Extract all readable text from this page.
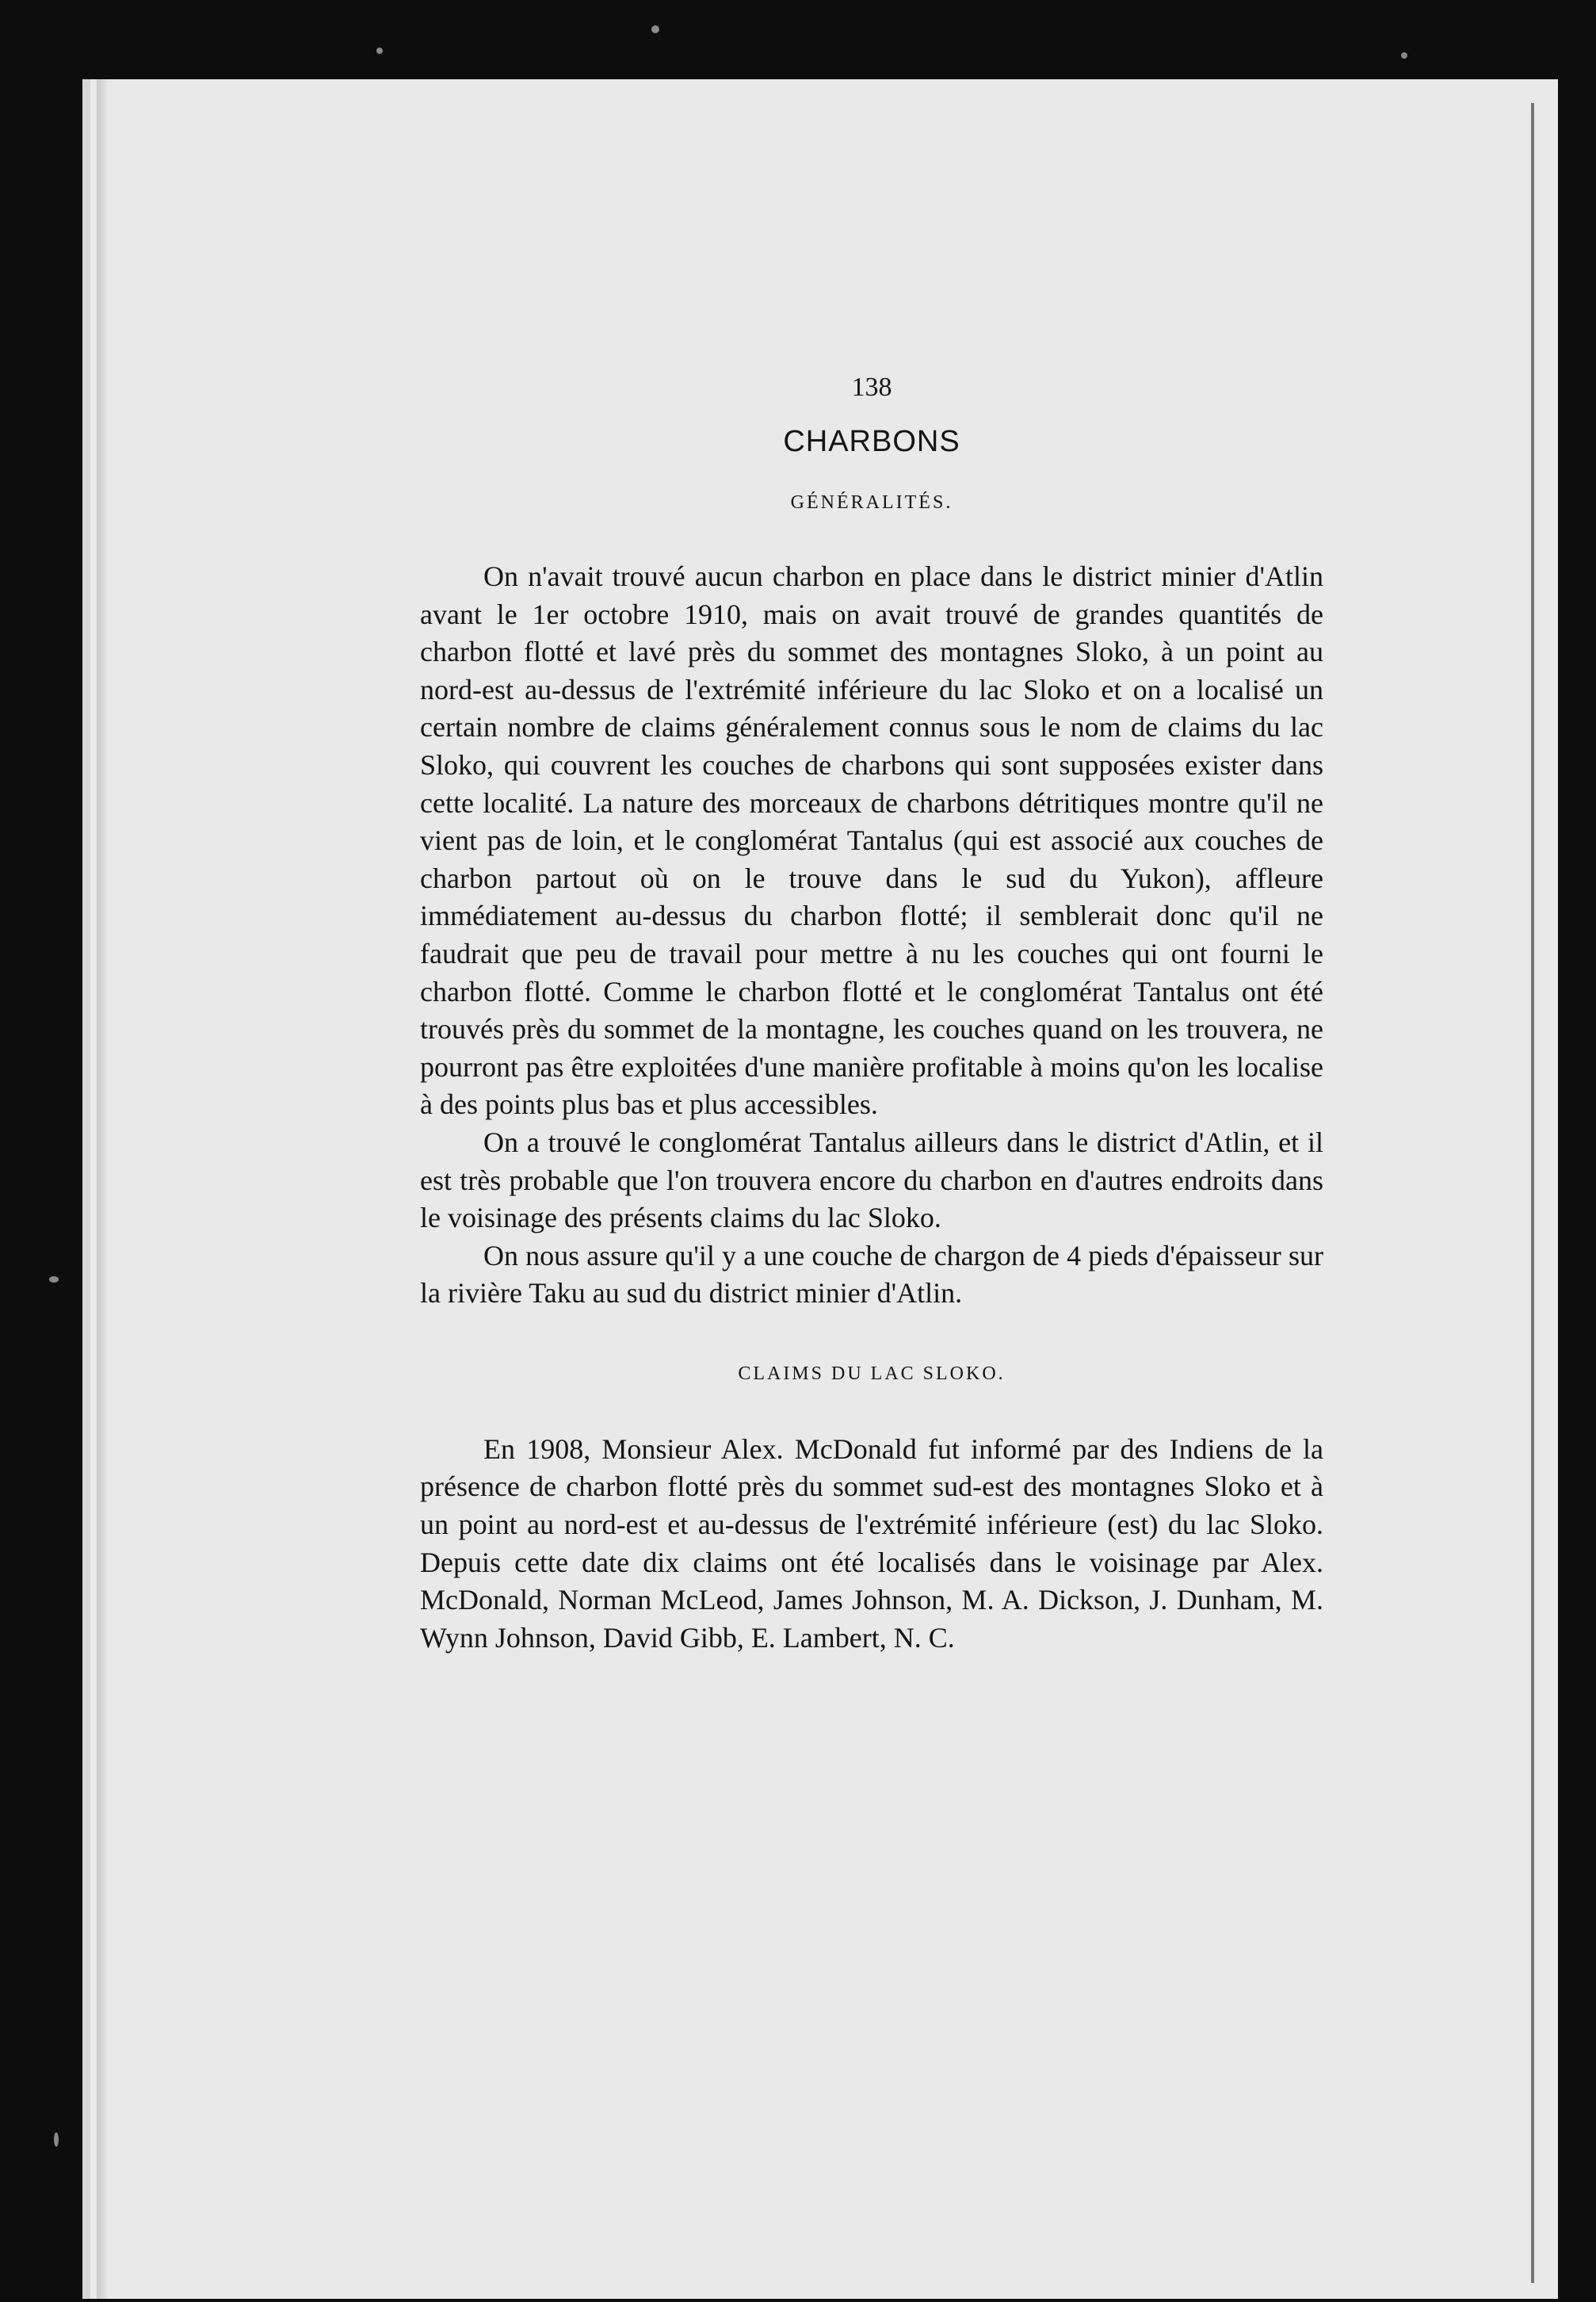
138
CHARBONS
GÉNÉRALITÉS.

On n'avait trouvé aucun charbon en place dans le district minier d'Atlin avant le 1er octobre 1910, mais on avait trouvé de grandes quantités de charbon flotté et lavé près du sommet des montagnes Sloko, à un point au nord-est au-dessus de l'extrémité inférieure du lac Sloko et on a localisé un certain nombre de claims généralement connus sous le nom de claims du lac Sloko, qui couvrent les couches de charbons qui sont supposées exister dans cette localité. La nature des morceaux de charbons détritiques montre qu'il ne vient pas de loin, et le conglomérat Tantalus (qui est associé aux couches de charbon partout où on le trouve dans le sud du Yukon), affleure immédiatement au-dessus du charbon flotté; il semblerait donc qu'il ne faudrait que peu de travail pour mettre à nu les couches qui ont fourni le charbon flotté. Comme le charbon flotté et le conglomérat Tantalus ont été trouvés près du sommet de la montagne, les couches quand on les trouvera, ne pourront pas être exploitées d'une manière profitable à moins qu'on les localise à des points plus bas et plus accessibles.

On a trouvé le conglomérat Tantalus ailleurs dans le district d'Atlin, et il est très probable que l'on trouvera encore du charbon en d'autres endroits dans le voisinage des présents claims du lac Sloko.

On nous assure qu'il y a une couche de chargon de 4 pieds d'épaisseur sur la rivière Taku au sud du district minier d'Atlin.

CLAIMS DU LAC SLOKO.

En 1908, Monsieur Alex. McDonald fut informé par des Indiens de la présence de charbon flotté près du sommet sud-est des montagnes Sloko et à un point au nord-est et au-dessus de l'extrémité inférieure (est) du lac Sloko. Depuis cette date dix claims ont été localisés dans le voisinage par Alex. McDonald, Norman McLeod, James Johnson, M. A. Dickson, J. Dunham, M. Wynn Johnson, David Gibb, E. Lambert, N. C.
